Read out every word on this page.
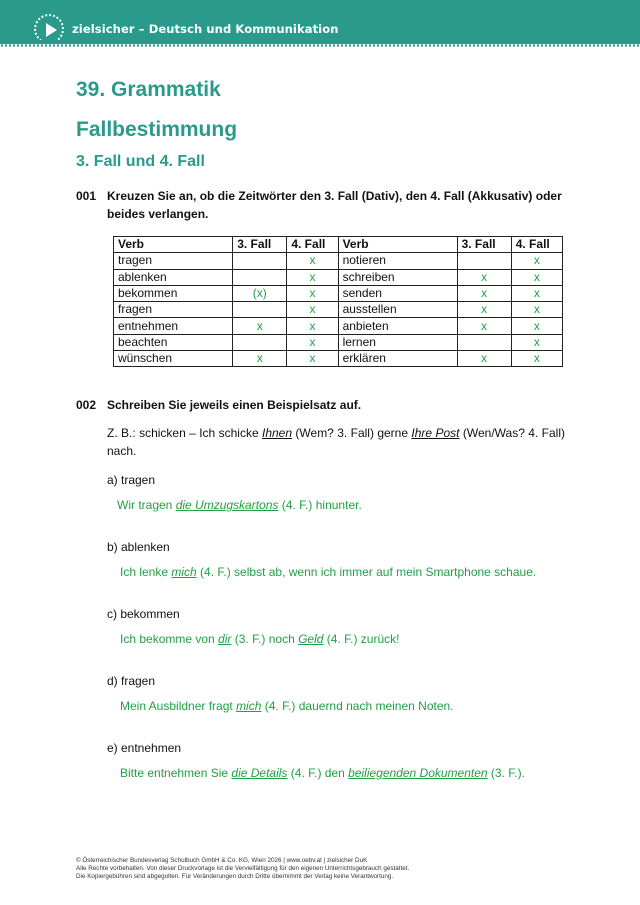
zielsicher – Deutsch und Kommunikation
39. Grammatik
Fallbestimmung
3. Fall und 4. Fall
001 Kreuzen Sie an, ob die Zeitwörter den 3. Fall (Dativ), den 4. Fall (Akkusativ) oder
beides verlangen.
Verb	3. Fall	4. Fall	Verb	3. Fall	4. Fall
tragen		x	notieren		x
ablenken		x	schreiben	x	x
bekommen	(x)	x	senden	x	x
fragen		x	ausstellen	x	x
entnehmen	x	x	anbieten	x	x
beachten		x	lernen		x
wünschen	x	x	erklären	x	x
002 Schreiben Sie jeweils einen Beispielsatz auf.
Z. B.: schicken – Ich schicke Ihnen (Wem? 3. Fall) gerne Ihre Post (Wen/Was? 4. Fall) nach.
a) tragen
Wir tragen die Umzugskartons (4. F.) hinunter.
b) ablenken
Ich lenke mich (4. F.) selbst ab, wenn ich immer auf mein Smartphone schaue.
c) bekommen
Ich bekomme von dir (3. F.) noch Geld (4. F.) zurück!
d) fragen
Mein Ausbildner fragt mich (4. F.) dauernd nach meinen Noten.
e) entnehmen
Bitte entnehmen Sie die Details (4. F.) den beiliegenden Dokumenten (3. F.).
© Österreichischer Bundesverlag Schulbuch GmbH & Co. KG, Wien 2026 | www.oebv.at | zielsicher DuK
Alle Rechte vorbehalten. Von dieser Druckvorlage ist die Vervielfältigung für den eigenen Unterrichtsgebrauch gestattet.
Die Kopiergebühren sind abgegolten. Für Veränderungen durch Dritte übernimmt der Verlag keine Verantwortung.
